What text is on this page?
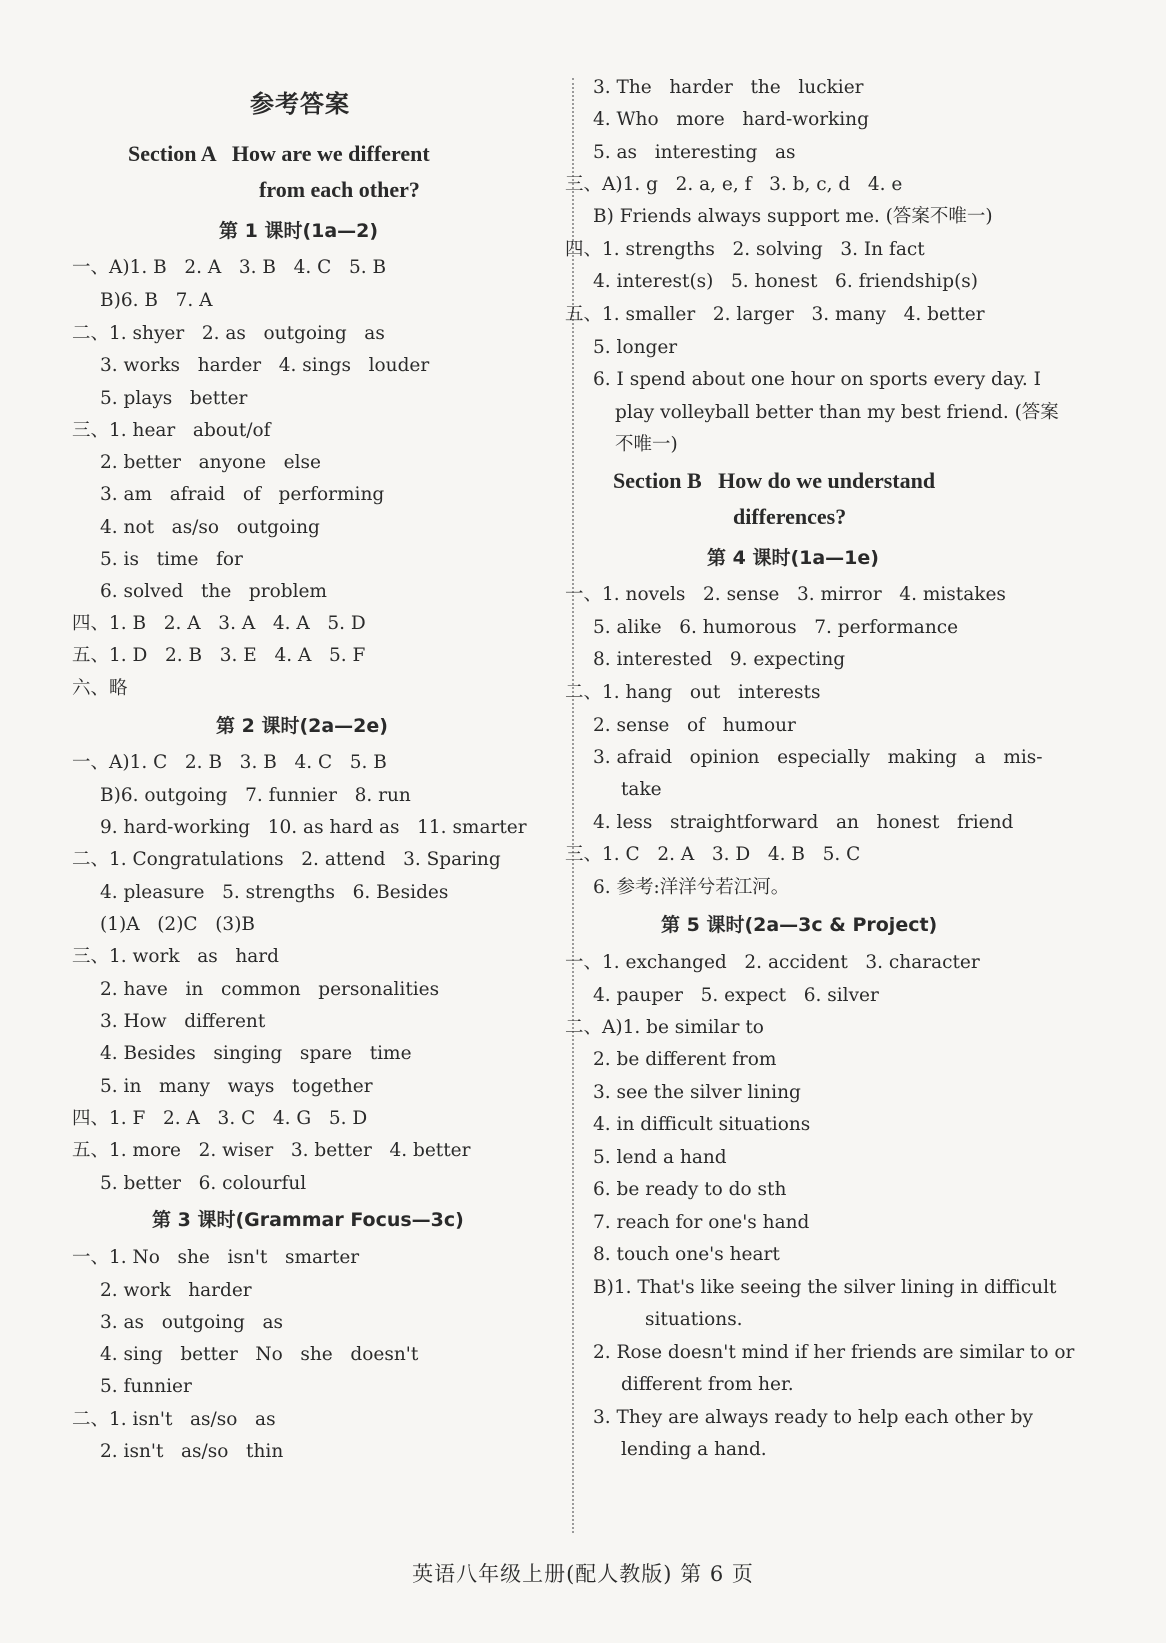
参考答案
Section A   How are we different
from each other?
第 1 课时(1a—2)
一、A)1. B   2. A   3. B   4. C   5. B
B)6. B   7. A
二、1. shyer   2. as   outgoing   as
3. works   harder   4. sings   louder
5. plays   better
三、1. hear   about/of
2. better   anyone   else
3. am   afraid   of   performing
4. not   as/so   outgoing
5. is   time   for
6. solved   the   problem
四、1. B   2. A   3. A   4. A   5. D
五、1. D   2. B   3. E   4. A   5. F
六、略
第 2 课时(2a—2e)
一、A)1. C   2. B   3. B   4. C   5. B
B)6. outgoing   7. funnier   8. run
9. hard-working   10. as hard as   11. smarter
二、1. Congratulations   2. attend   3. Sparing
4. pleasure   5. strengths   6. Besides
(1)A   (2)C   (3)B
三、1. work   as   hard
2. have   in   common   personalities
3. How   different
4. Besides   singing   spare   time
5. in   many   ways   together
四、1. F   2. A   3. C   4. G   5. D
五、1. more   2. wiser   3. better   4. better
5. better   6. colourful
第 3 课时(Grammar Focus—3c)
一、1. No   she   isn't   smarter
2. work   harder
3. as   outgoing   as
4. sing   better   No   she   doesn't
5. funnier
二、1. isn't   as/so   as
2. isn't   as/so   thin
3. The   harder   the   luckier
4. Who   more   hard-working
5. as   interesting   as
三、A)1. g   2. a, e, f   3. b, c, d   4. e
B) Friends always support me. (答案不唯一)
四、1. strengths   2. solving   3. In fact
4. interest(s)   5. honest   6. friendship(s)
五、1. smaller   2. larger   3. many   4. better
5. longer
6. I spend about one hour on sports every day. I
play volleyball better than my best friend. (答案
不唯一)
Section B   How do we understand
differences?
第 4 课时(1a—1e)
一、1. novels   2. sense   3. mirror   4. mistakes
5. alike   6. humorous   7. performance
8. interested   9. expecting
二、1. hang   out   interests
2. sense   of   humour
3. afraid   opinion   especially   making   a   mis-
take
4. less   straightforward   an   honest   friend
三、1. C   2. A   3. D   4. B   5. C
6. 参考:洋洋兮若江河。
第 5 课时(2a—3c & Project)
一、1. exchanged   2. accident   3. character
4. pauper   5. expect   6. silver
二、A)1. be similar to
2. be different from
3. see the silver lining
4. in difficult situations
5. lend a hand
6. be ready to do sth
7. reach for one's hand
8. touch one's heart
B)1. That's like seeing the silver lining in difficult
situations.
2. Rose doesn't mind if her friends are similar to or
different from her.
3. They are always ready to help each other by
lending a hand.
英语八年级上册(配人教版) 第 6 页
